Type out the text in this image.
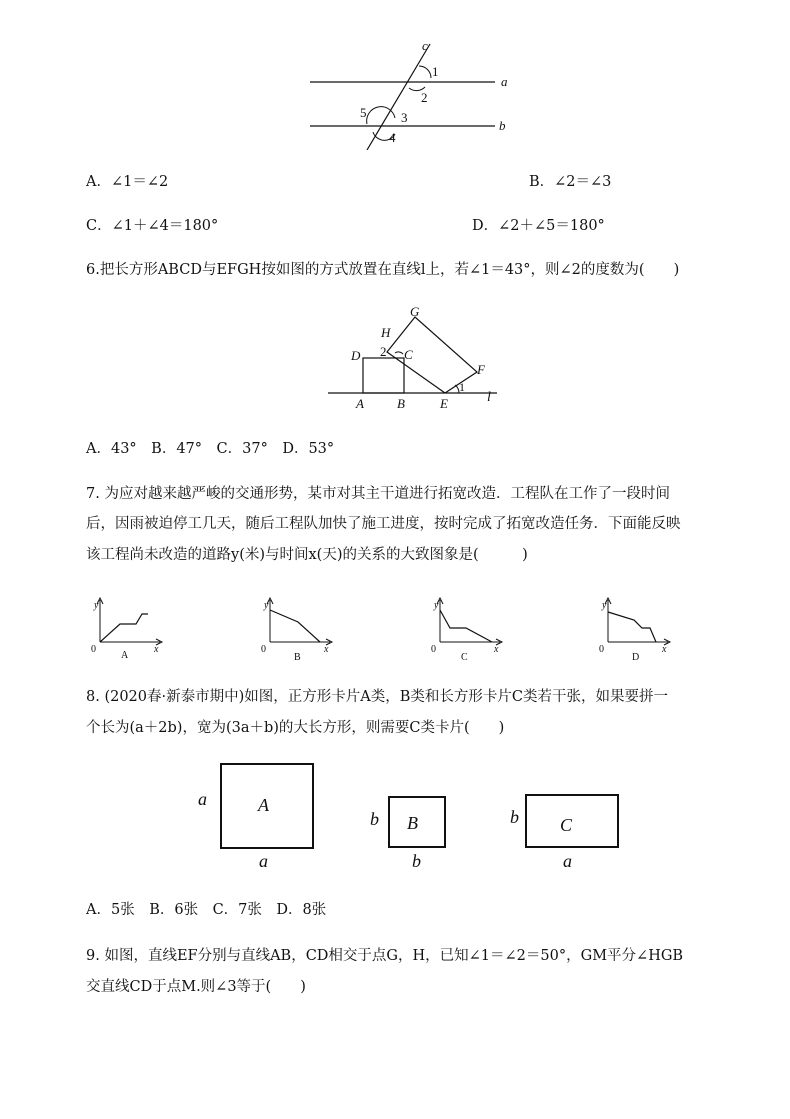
c
1
2
a
5	3
4
b
A．∠1＝∠2	B．∠2＝∠3
C．∠1＋∠4＝180°	D．∠2＋∠5＝180°
6.把长方形ABCD与EFGH按如图的方式放置在直线l上，若∠1＝43°，则∠2的度数为(　　)
G
H
2
D	C
F
1
A	B	E	l
A．43°　B．47°　C．37°　D．53°
7. 为应对越来越严峻的交通形势，某市对其主干道进行拓宽改造．工程队在工作了一段时间
后，因雨被迫停工几天，随后工程队加快了施工进度，按时完成了拓宽改造任务．下面能反映
该工程尚未改造的道路y(米)与时间x(天)的关系的大致图象是(　　　)
y
0	x
A
y
0	x
B
y
0	x
C
y
0	x
D
8. (2020春·新泰市期中)如图，正方形卡片A类，B类和长方形卡片C类若干张，如果要拼一
个长为(a＋2b)，宽为(3a＋b)的大长方形，则需要C类卡片(　　)
a	A
a
b B
b
b C
a
A．5张　B．6张　C．7张　D．8张
9. 如图，直线EF分别与直线AB，CD相交于点G，H，已知∠1＝∠2＝50°，GM平分∠HGB
交直线CD于点M.则∠3等于(　　)
